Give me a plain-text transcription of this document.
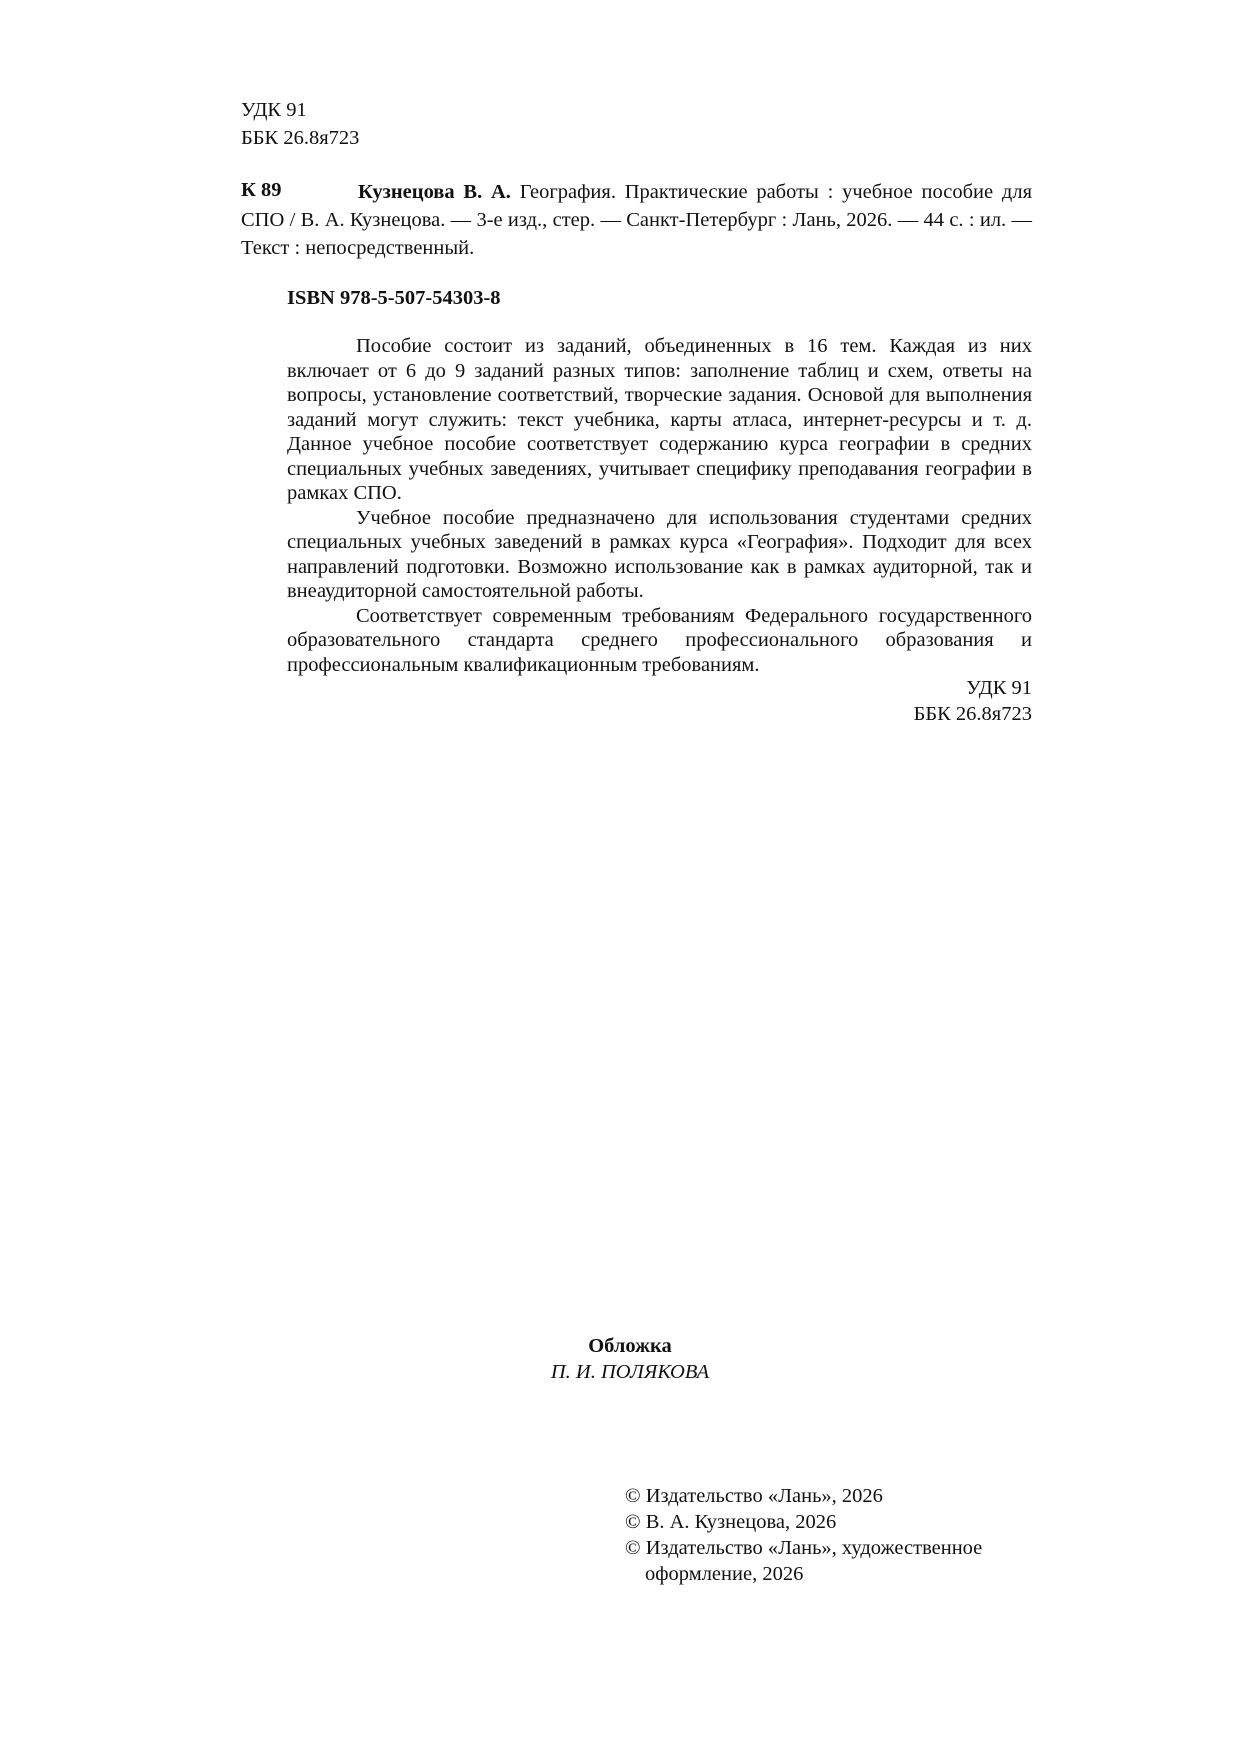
УДК 91
ББК 26.8я723
К 89	Кузнецова В. А. География. Практические работы : учебное пособие для СПО / В. А. Кузнецова. — 3-е изд., стер. — Санкт-Петербург : Лань, 2026. — 44 с. : ил. — Текст : непосредственный.
ISBN 978-5-507-54303-8

Пособие состоит из заданий, объединенных в 16 тем. Каждая из них включает от 6 до 9 заданий разных типов: заполнение таблиц и схем, ответы на вопросы, установление соответствий, творческие задания. Основой для выполнения заданий могут служить: текст учебника, карты атласа, интернет-ресурсы и т. д. Данное учебное пособие соответствует содержанию курса географии в средних специальных учебных заведениях, учитывает специфику преподавания географии в рамках СПО.

Учебное пособие предназначено для использования студентами средних специальных учебных заведений в рамках курса «География». Подходит для всех направлений подготовки. Возможно использование как в рамках аудиторной, так и внеаудиторной самостоятельной работы.

Соответствует современным требованиям Федерального государственного образовательного стандарта среднего профессионального образования и профессиональным квалификационным требованиям.

УДК 91
ББК 26.8я723
Обложка
П. И. ПОЛЯКОВА
© Издательство «Лань», 2026
© В. А. Кузнецова, 2026
© Издательство «Лань», художественное
оформление, 2026
